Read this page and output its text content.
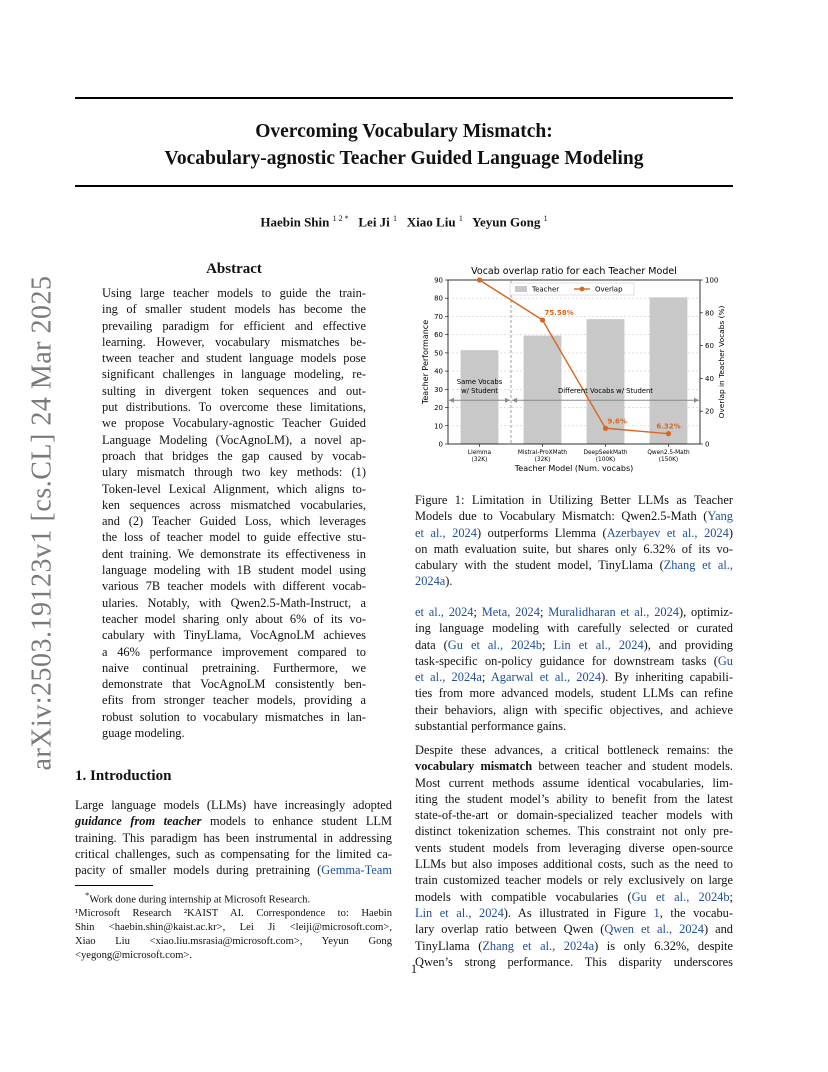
arXiv:2503.19123v1 [cs.CL] 24 Mar 2025
Overcoming Vocabulary Mismatch:
Vocabulary-agnostic Teacher Guided Language Modeling
Haebin Shin $^{1 2 *}$ Lei Ji $^1$ Xiao Liu $^1$ Yeyun Gong $^1$
Abstract
Using large teacher models to guide the train-
ing of smaller student models has become the
prevailing paradigm for efficient and effective
learning. However, vocabulary mismatches be-
tween teacher and student language models pose
significant challenges in language modeling, re-
sulting in divergent token sequences and out-
put distributions. To overcome these limitations,
we propose Vocabulary-agnostic Teacher Guided
Language Modeling (VocAgnoLM), a novel ap-
proach that bridges the gap caused by vocab-
ulary mismatch through two key methods: (1)
Token-level Lexical Alignment, which aligns to-
ken sequences across mismatched vocabularies,
and (2) Teacher Guided Loss, which leverages
the loss of teacher model to guide effective stu-
dent training. We demonstrate its effectiveness in
language modeling with 1B student model using
various 7B teacher models with different vocab-
ularies. Notably, with Qwen2.5-Math-Instruct, a
teacher model sharing only about 6% of its vo-
cabulary with TinyLlama, VocAgnoLM achieves
a 46% performance improvement compared to
naive continual pretraining. Furthermore, we
demonstrate that VocAgnoLM consistently ben-
efits from stronger teacher models, providing a
robust solution to vocabulary mismatches in lan-
guage modeling.
1. Introduction
Large language models (LLMs) have increasingly adopted
guidance from teacher models to enhance student LLM
training. This paradigm has been instrumental in addressing
critical challenges, such as compensating for the limited ca-
pacity of smaller models during pretraining (Gemma-Team
*Work done during internship at Microsoft Research.
¹Microsoft Research ²KAIST AI. Correspondence to: Haebin
Shin <haebin.shin@kaist.ac.kr>, Lei Ji <leiji@microsoft.com>,
Xiao Liu <xiao.liu.msrasia@microsoft.com>, Yeyun Gong
<yegong@microsoft.com>.
0
10
20
30
40
50
60
70
80
90
0
20
40
60
80
100
Llemma
(32K)
Mistral-ProXMath
(32K)
DeepSeekMath
(100K)
Qwen2.5-Math
(150K)
Same Vocabs
w/ Student	Different Vocabs w/ Student
75.58%
9.6%
6.32%
Teacher	Overlap
Vocab overlap ratio for each Teacher Model
Teacher Model (Num. vocabs)
Teacher Performance	Overlap in Teacher Vocabs (%)
Figure 1: Limitation in Utilizing Better LLMs as Teacher
Models due to Vocabulary Mismatch: Qwen2.5-Math (Yang
et al., 2024) outperforms Llemma (Azerbayev et al., 2024)
on math evaluation suite, but shares only 6.32% of its vo-
cabulary with the student model, TinyLlama (Zhang et al.,
2024a).
et al., 2024; Meta, 2024; Muralidharan et al., 2024), optimiz-
ing language modeling with carefully selected or curated
data (Gu et al., 2024b; Lin et al., 2024), and providing
task-specific on-policy guidance for downstream tasks (Gu
et al., 2024a; Agarwal et al., 2024). By inheriting capabili-
ties from more advanced models, student LLMs can refine
their behaviors, align with specific objectives, and achieve
substantial performance gains.
Despite these advances, a critical bottleneck remains: the
vocabulary mismatch between teacher and student models.
Most current methods assume identical vocabularies, lim-
iting the student model’s ability to benefit from the latest
state-of-the-art or domain-specialized teacher models with
distinct tokenization schemes. This constraint not only pre-
vents student models from leveraging diverse open-source
LLMs but also imposes additional costs, such as the need to
train customized teacher models or rely exclusively on large
models with compatible vocabularies (Gu et al., 2024b;
Lin et al., 2024). As illustrated in Figure 1, the vocabu-
lary overlap ratio between Qwen (Qwen et al., 2024) and
TinyLlama (Zhang et al., 2024a) is only 6.32%, despite
Qwen’s strong performance. This disparity underscores
1
